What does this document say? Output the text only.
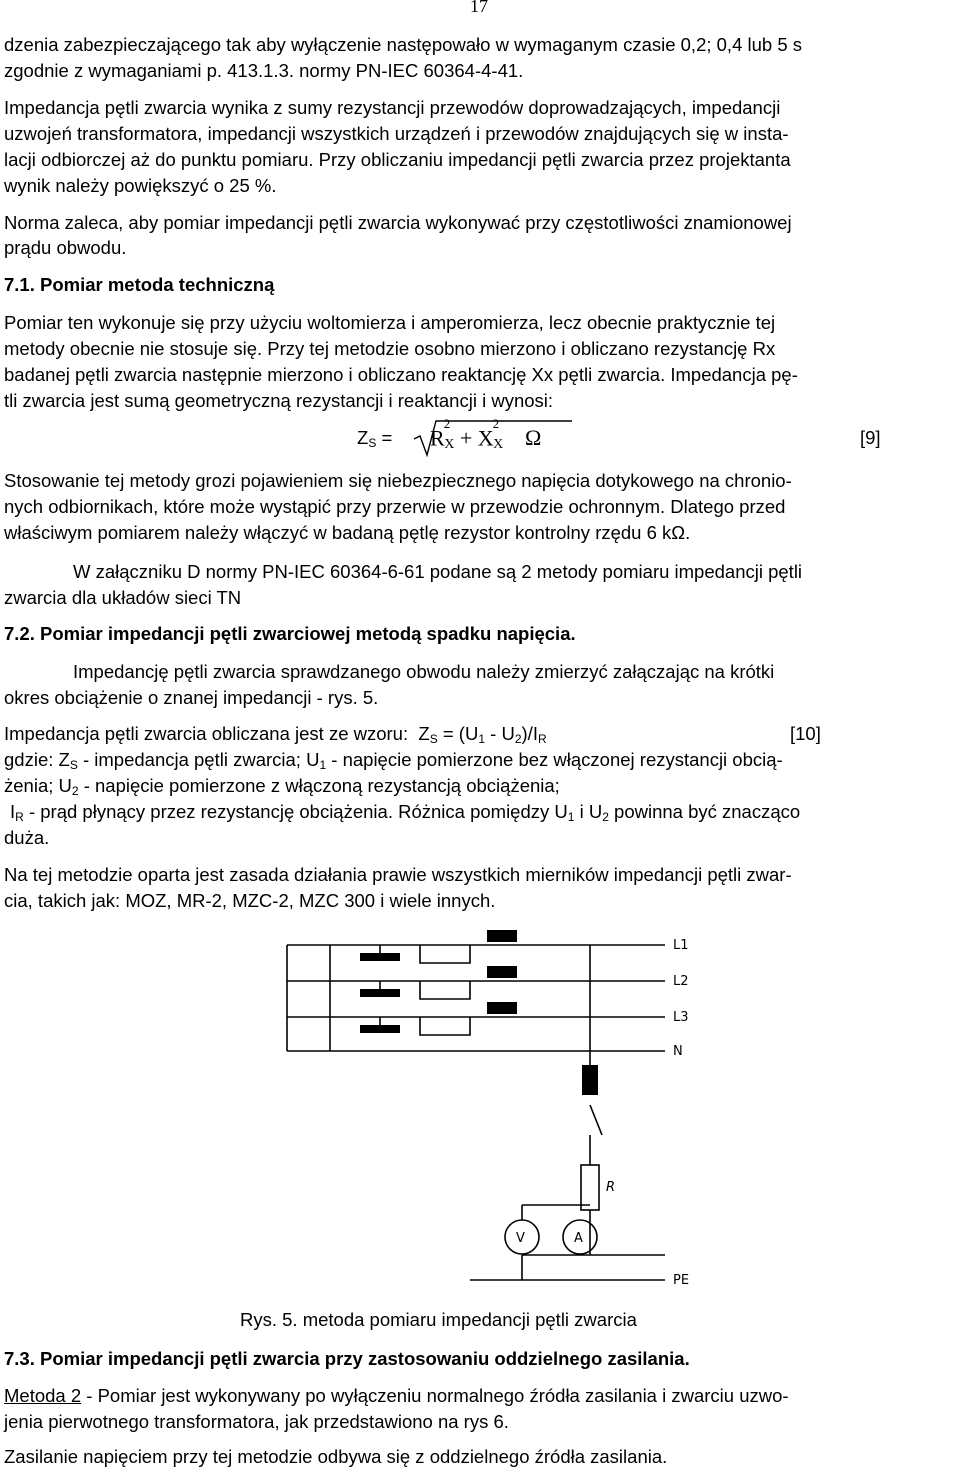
17
dzenia zabezpieczającego tak aby wyłączenie następowało w wymaganym czasie 0,2; 0,4 lub 5 s
zgodnie z wymaganiami p. 413.1.3. normy PN-IEC 60364-4-41.
Impedancja pętli zwarcia wynika z sumy rezystancji przewodów doprowadzających, impedancji
uzwojeń transformatora, impedancji wszystkich urządzeń i przewodów znajdujących się w insta-
lacji odbiorczej aż do punktu pomiaru. Przy obliczaniu impedancji pętli zwarcia przez projektanta
wynik należy powiększyć o 25 %.
Norma zaleca, aby pomiar impedancji pętli zwarcia wykonywać przy częstotliwości znamionowej
prądu obwodu.
7.1. Pomiar metoda techniczną
Pomiar ten wykonuje się przy użyciu woltomierza i amperomierza, lecz obecnie praktycznie tej
metody obecnie nie stosuje się. Przy tej metodzie osobno mierzono i obliczano rezystancję Rx
badanej pętli zwarcia następnie mierzono i obliczano reaktancję Xx pętli zwarcia. Impedancja pę-
tli zwarcia jest sumą geometryczną rezystancji i reaktancji i wynosi:
$Z_S = R^2_X + X^2_X$ Ω	[9]
Stosowanie tej metody grozi pojawieniem się niebezpiecznego napięcia dotykowego na chroniо-
nych odbiornikach, które może wystąpić przy przerwie w przewodzie ochronnym. Dlatego przed
właściwym pomiarem należy włączyć w badaną pętlę rezystor kontrolny rzędu 6 kΩ.
W załączniku D normy PN-IEC 60364-6-61 podane są 2 metody pomiaru impedancji pętli
zwarcia dla układów sieci TN
7.2. Pomiar impedancji pętli zwarciowej metodą spadku napięcia.
Impedancję pętli zwarcia sprawdzanego obwodu należy zmierzyć załączając na krótki
okres obciążenie o znanej impedancji - rys. 5.
Impedancja pętli zwarcia obliczana jest ze wzoru: $Z_S = (U_1 - U_2)/I_R$	[10]
gdzie: $Z_S$ - impedancja pętli zwarcia; $U_1$ - napięcie pomierzone bez włączonej rezystancji obcią-
żenia; $U_2$ - napięcie pomierzone z włączoną rezystancją obciążenia;
$I_R$ - prąd płynący przez rezystancję obciążenia. Różnica pomiędzy $U_1$ i $U_2$ powinna być znacząco
duża.
Na tej metodzie oparta jest zasada działania prawie wszystkich mierników impedancji pętli zwar-
cia, takich jak: MOZ, MR-2, MZC-2, MZC 300 i wiele innych.
L1
L2
L3
N
R
V	A
PE
Rys. 5. metoda pomiaru impedancji pętli zwarcia
7.3. Pomiar impedancji pętli zwarcia przy zastosowaniu oddzielnego zasilania.
Metoda 2 - Pomiar jest wykonywany po wyłączeniu normalnego źródła zasilania i zwarciu uzwo-
jenia pierwotnego transformatora, jak przedstawiono na rys 6.
Zasilanie napięciem przy tej metodzie odbywa się z oddzielnego źródła zasilania.
